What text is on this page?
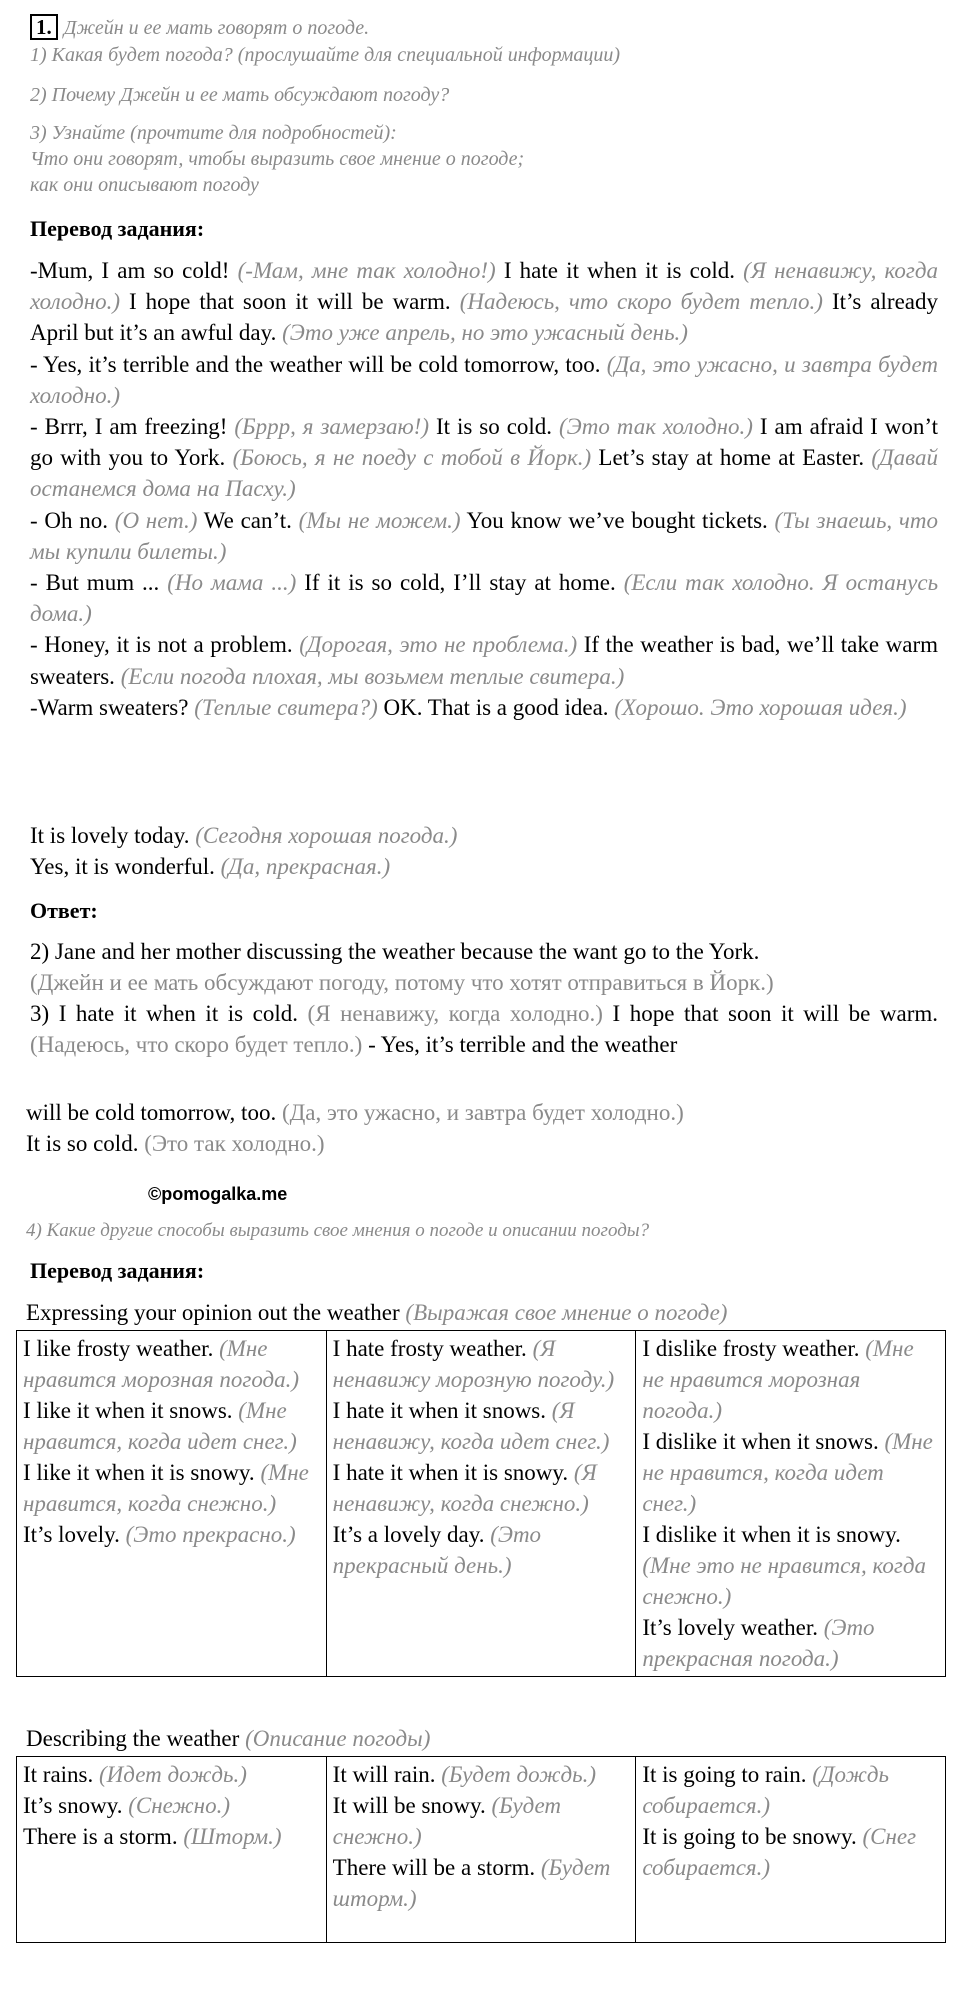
1. Джейн и ее мать говорят о погоде.
1) Какая будет погода? (прослушайте для специальной информации)
2) Почему Джейн и ее мать обсуждают погоду?
3) Узнайте (прочтите для подробностей):
Что они говорят, чтобы выразить свое мнение о погоде;
как они описывают погоду
Перевод задания:
-Mum, I am so cold! (-Мам, мне так холодно!) I hate it when it is cold. (Я ненавижу, когда холодно.) I hope that soon it will be warm. (Надеюсь, что скоро будет тепло.) It’s already April but it’s an awful day. (Это уже апрель, но это ужасный день.)
- Yes, it’s terrible and the weather will be cold tomorrow, too. (Да, это ужасно, и завтра будет холодно.)
- Brrr, I am freezing! (Бррр, я замерзаю!) It is so cold. (Это так холодно.) I am afraid I won’t go with you to York. (Боюсь, я не поеду с тобой в Йорк.) Let’s stay at home at Easter. (Давай останемся дома на Пасху.)
- Oh no. (О нет.) We can’t. (Мы не можем.) You know we’ve bought tickets. (Ты знаешь, что мы купили билеты.)
- But mum ... (Но мама ...) If it is so cold, I’ll stay at home. (Если так холодно. Я останусь дома.)
- Honey, it is not a problem. (Дорогая, это не проблема.) If the weather is bad, we’ll take warm sweaters. (Если погода плохая, мы возьмем теплые свитера.)
-Warm sweaters? (Теплые свитера?) OK. That is a good idea. (Хорошо. Это хорошая идея.)
It is lovely today. (Сегодня хорошая погода.)
Yes, it is wonderful. (Да, прекрасная.)
Ответ:
2) Jane and her mother discussing the weather because the want go to the York.
(Джейн и ее мать обсуждают погоду, потому что хотят отправиться в Йорк.)
3) I hate it when it is cold. (Я ненавижу, когда холодно.) I hope that soon it will be warm. (Надеюсь, что скоро будет тепло.) - Yes, it’s terrible and the weather
will be cold tomorrow, too. (Да, это ужасно, и завтра будет холодно.)
It is so cold. (Это так холодно.)
©pomogalka.me
4) Какие другие способы выразить свое мнения о погоде и описании погоды?
Перевод задания:
Expressing your opinion out the weather (Выражая свое мнение о погоде)
I like frosty weather. (Мне нравится морозная погода.)
I like it when it snows. (Мне нравится, когда идет снег.)
I like it when it is snowy. (Мне нравится, когда снежно.)
It’s lovely. (Это прекрасно.)

I hate frosty weather. (Я ненавижу морозную погоду.)
I hate it when it snows. (Я ненавижу, когда идет снег.)
I hate it when it is snowy. (Я ненавижу, когда снежно.)
It’s a lovely day. (Это прекрасный день.)

I dislike frosty weather. (Мне не нравится морозная погода.)
I dislike it when it snows. (Мне не нравится, когда идет снег.)
I dislike it when it is snowy. (Мне это не нравится, когда снежно.)
It’s lovely weather. (Это прекрасная погода.)
Describing the weather (Описание погоды)
It rains. (Идет дождь.)
It’s snowy. (Снежно.)
There is a storm. (Шторм.)

It will rain. (Будет дождь.)
It will be snowy. (Будет снежно.)
There will be a storm. (Будет шторм.)

It is going to rain. (Дождь собирается.)
It is going to be snowy. (Снег собирается.)
